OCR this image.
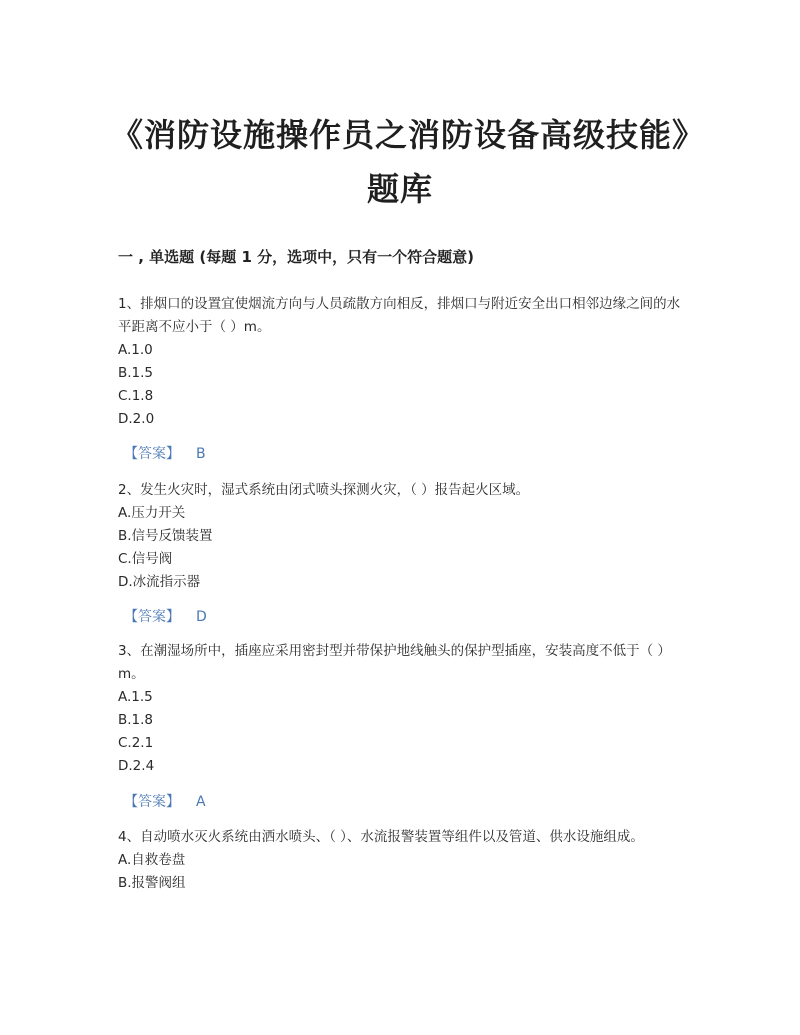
《消防设施操作员之消防设备高级技能》题库
一 , 单选题 (每题 1 分，选项中，只有一个符合题意)

1、排烟口的设置宜使烟流方向与人员疏散方向相反，排烟口与附近安全出口相邻边缘之间的水平距离不应小于（ ）m。

A.1.0

B.1.5

C.1.8

D.2.0

【答案】 B

2、发生火灾时，湿式系统由闭式喷头探测火灾，（ ）报告起火区域。

A.压力开关

B.信号反馈装置

C.信号阀

D.冰流指示器

【答案】 D

3、在潮湿场所中，插座应采用密封型并带保护地线触头的保护型插座，安装高度不低于（ ）m。

A.1.5

B.1.8

C.2.1

D.2.4

【答案】 A

4、自动喷水灭火系统由洒水喷头、（ ）、水流报警装置等组件以及管道、供水设施组成。

A.自救卷盘

B.报警阀组
